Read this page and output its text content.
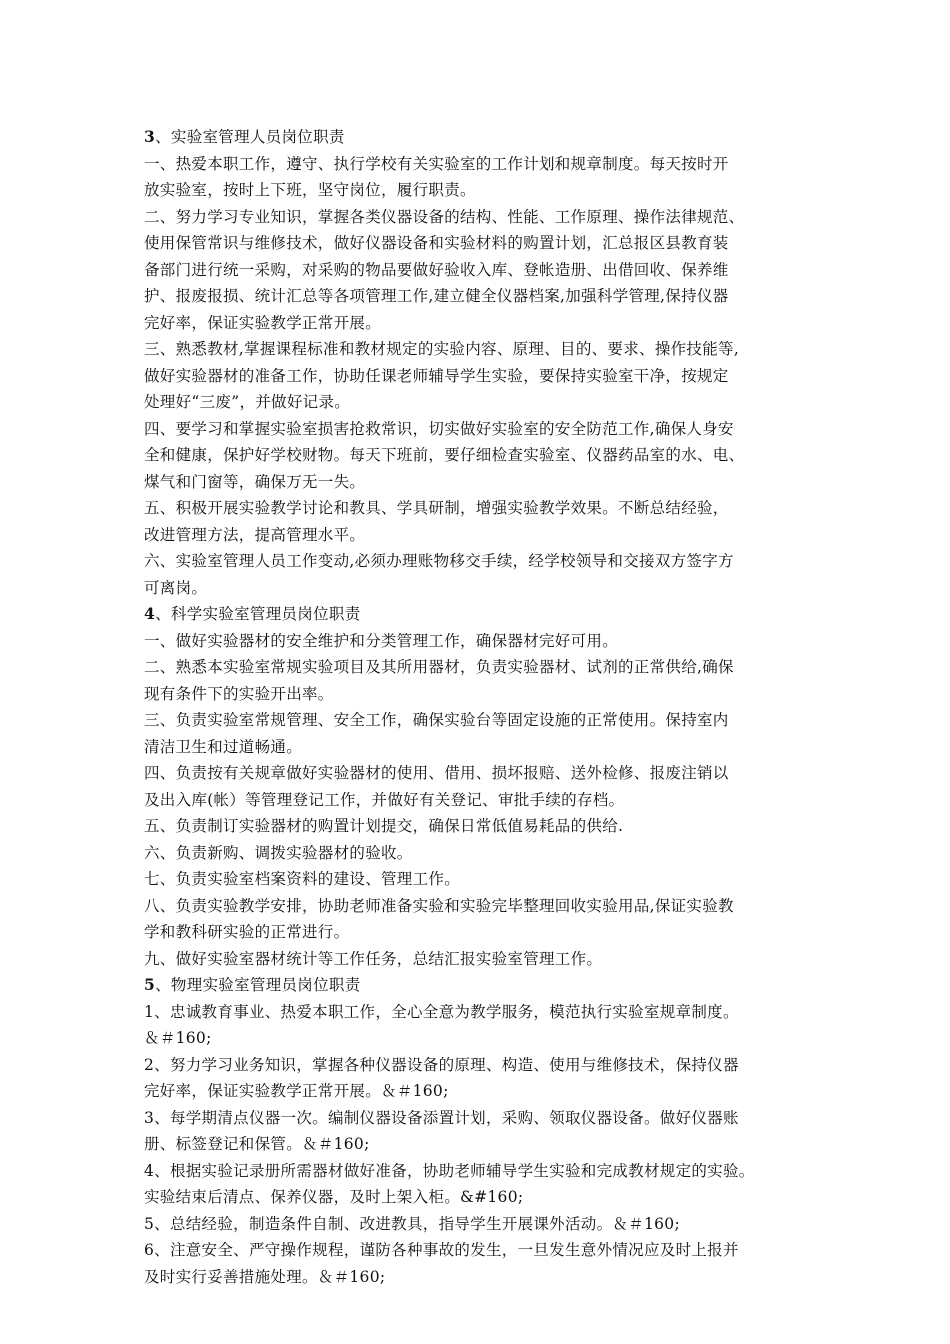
3、实验室管理人员岗位职责
一、热爱本职工作，遵守、执行学校有关实验室的工作计划和规章制度。每天按时开
放实验室，按时上下班，坚守岗位，履行职责。
二、努力学习专业知识，掌握各类仪器设备的结构、性能、工作原理、操作法律规范、
使用保管常识与维修技术，做好仪器设备和实验材料的购置计划，汇总报区县教育装
备部门进行统一采购，对采购的物品要做好验收入库、登帐造册、出借回收、保养维
护、报废报损、统计汇总等各项管理工作,建立健全仪器档案,加强科学管理,保持仪器
完好率，保证实验教学正常开展。
三、熟悉教材,掌握课程标准和教材规定的实验内容、原理、目的、要求、操作技能等,
做好实验器材的准备工作，协助任课老师辅导学生实验，要保持实验室干净，按规定
处理好“三废”，并做好记录。
四、要学习和掌握实验室损害抢救常识，切实做好实验室的安全防范工作,确保人身安
全和健康，保护好学校财物。每天下班前，要仔细检查实验室、仪器药品室的水、电、
煤气和门窗等，确保万无一失。
五、积极开展实验教学讨论和教具、学具研制，增强实验教学效果。不断总结经验，
改进管理方法，提高管理水平。
六、实验室管理人员工作变动,必须办理账物移交手续，经学校领导和交接双方签字方
可离岗。
4、科学实验室管理员岗位职责
一、做好实验器材的安全维护和分类管理工作，确保器材完好可用。
二、熟悉本实验室常规实验项目及其所用器材，负责实验器材、试剂的正常供给,确保
现有条件下的实验开出率。
三、负责实验室常规管理、安全工作，确保实验台等固定设施的正常使用。保持室内
清洁卫生和过道畅通。
四、负责按有关规章做好实验器材的使用、借用、损坏报赔、送外检修、报废注销以
及出入库(帐）等管理登记工作，并做好有关登记、审批手续的存档。
五、负责制订实验器材的购置计划提交，确保日常低值易耗品的供给.
六、负责新购、调拨实验器材的验收。
七、负责实验室档案资料的建设、管理工作。
八、负责实验教学安排，协助老师准备实验和实验完毕整理回收实验用品,保证实验教
学和教科研实验的正常进行。
九、做好实验室器材统计等工作任务，总结汇报实验室管理工作。
5、物理实验室管理员岗位职责
1、忠诚教育事业、热爱本职工作，全心全意为教学服务，模范执行实验室规章制度。
＆＃160;
2、努力学习业务知识，掌握各种仪器设备的原理、构造、使用与维修技术，保持仪器
完好率，保证实验教学正常开展。＆＃160;
3、每学期清点仪器一次。编制仪器设备添置计划，采购、领取仪器设备。做好仪器账
册、标签登记和保管。＆＃160;
4、根据实验记录册所需器材做好准备，协助老师辅导学生实验和完成教材规定的实验。
实验结束后清点、保养仪器，及时上架入柜。&#160;
5、总结经验，制造条件自制、改进教具，指导学生开展课外活动。＆＃160;
6、注意安全、严守操作规程，谨防各种事故的发生，一旦发生意外情况应及时上报并
及时实行妥善措施处理。＆＃160;
